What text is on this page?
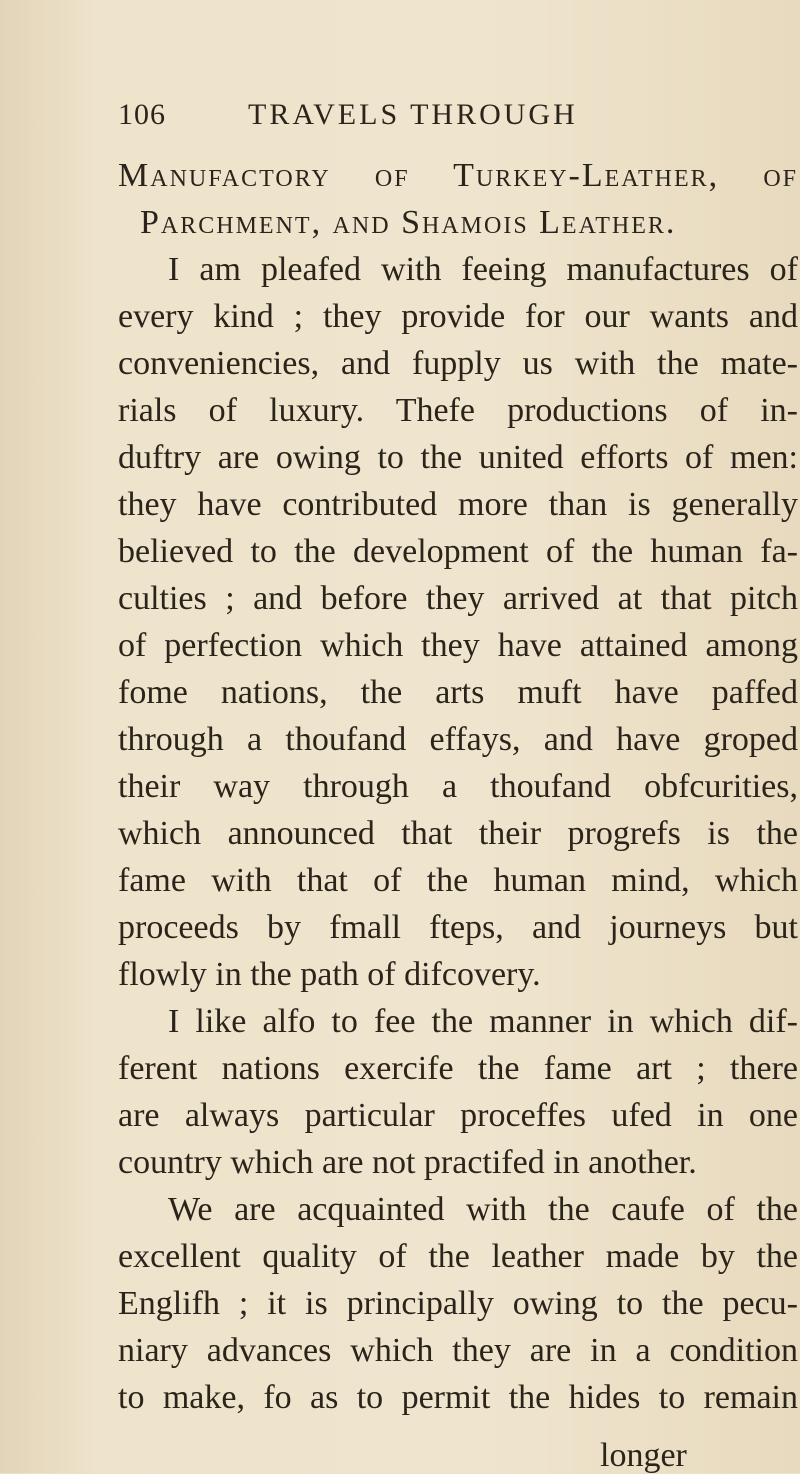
106	TRAVELS THROUGH
Manufactory of Turkey-Leather, of
Parchment, and Shamois Leather.
I am pleafed with feeing manufactures of
every kind ; they provide for our wants and
conveniencies, and fupply us with the mate-
rials of luxury. Thefe productions of in-
duftry are owing to the united efforts of men:
they have contributed more than is generally
believed to the development of the human fa-
culties ; and before they arrived at that pitch
of perfection which they have attained among
fome nations, the arts muft have paffed
through a thoufand effays, and have groped
their way through a thoufand obfcurities,
which announced that their progrefs is the
fame with that of the human mind, which
proceeds by fmall fteps, and journeys but
flowly in the path of difcovery.
I like alfo to fee the manner in which dif-
ferent nations exercife the fame art ; there
are always particular proceffes ufed in one
country which are not practifed in another.
We are acquainted with the caufe of the
excellent quality of the leather made by the
Englifh ; it is principally owing to the pecu-
niary advances which they are in a condition
to make, fo as to permit the hides to remain
longer
